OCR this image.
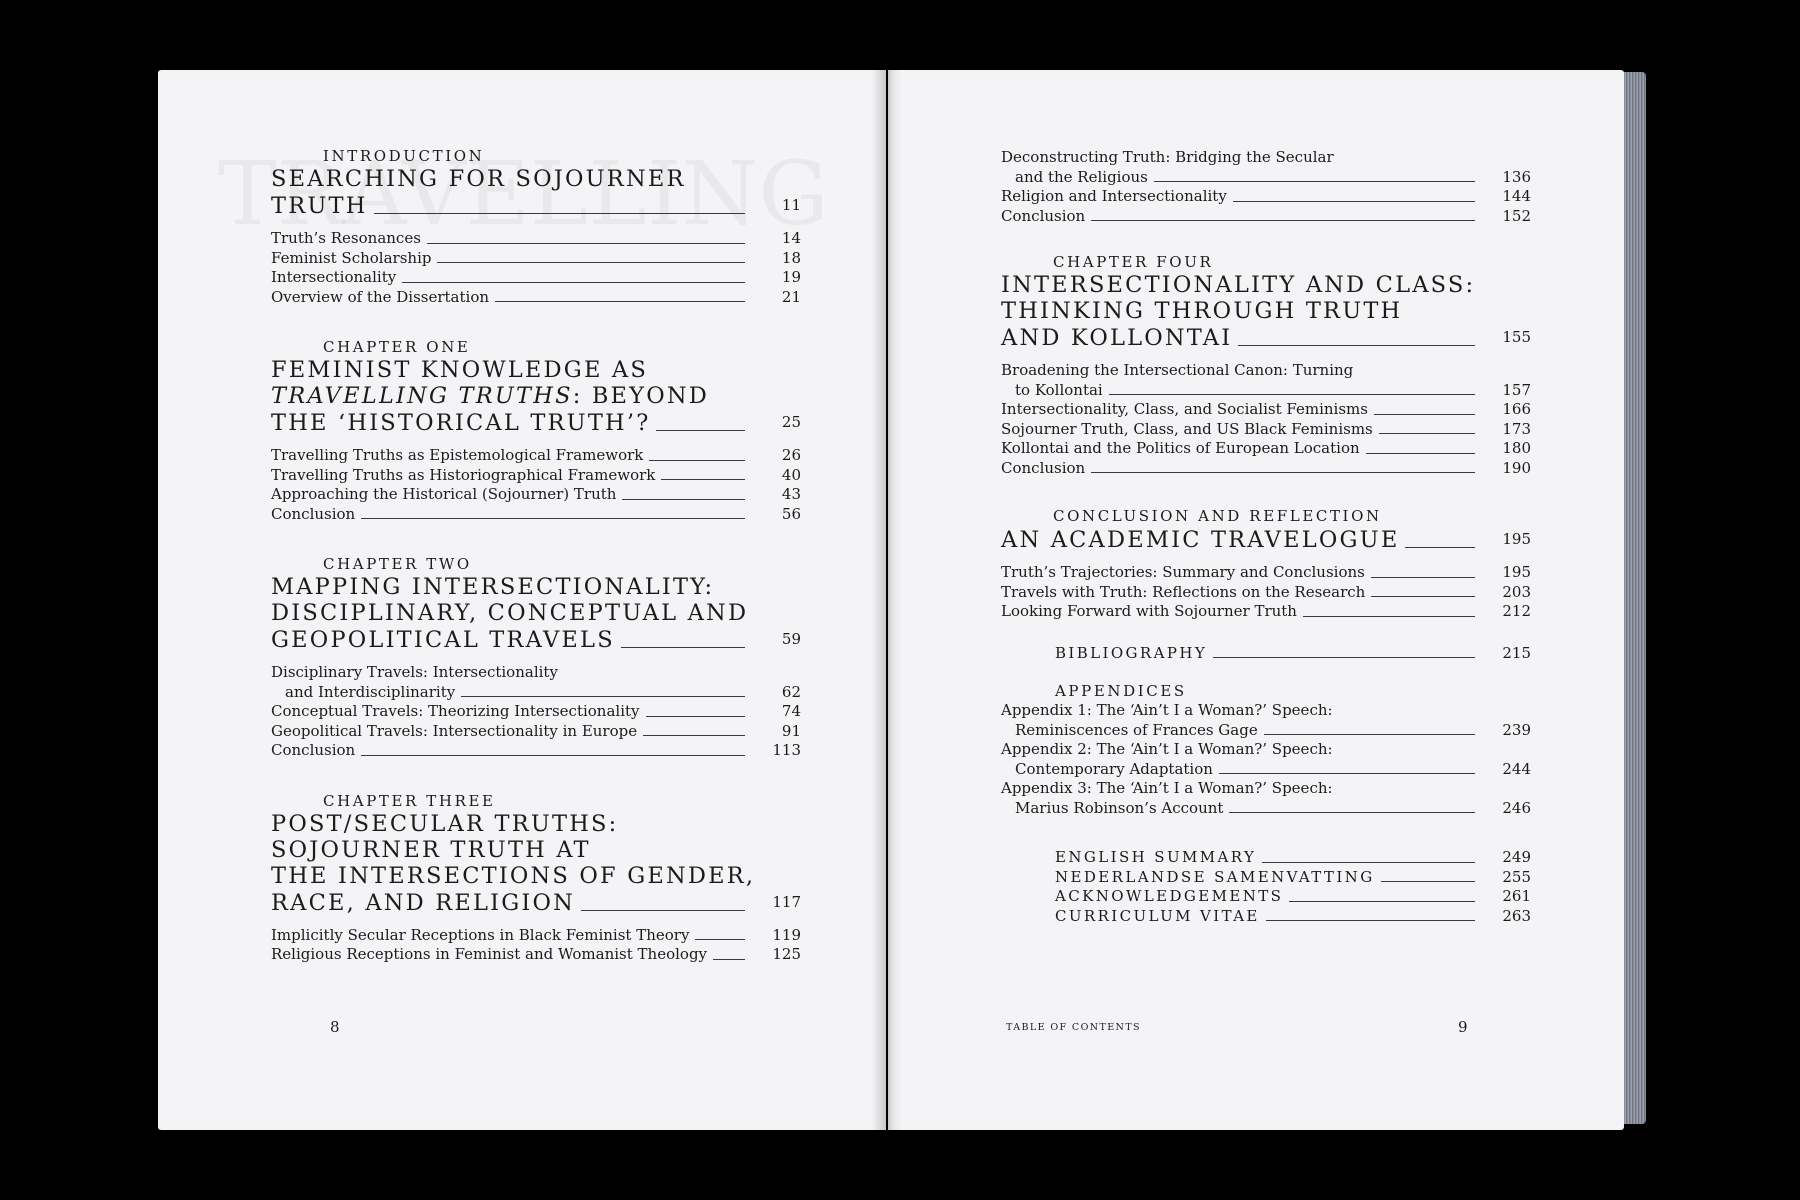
INTRODUCTION
SEARCHING FOR SOJOURNER
TRUTH	11
Truth’s Resonances	14
Feminist Scholarship	18
Intersectionality	19
Overview of the Dissertation	21
CHAPTER ONE
FEMINIST KNOWLEDGE AS
TRAVELLING TRUTHS: BEYOND
THE ‘HISTORICAL TRUTH’?	25
Travelling Truths as Epistemological Framework	26
Travelling Truths as Historiographical Framework	40
Approaching the Historical (Sojourner) Truth	43
Conclusion	56
CHAPTER TWO
MAPPING INTERSECTIONALITY:
DISCIPLINARY, CONCEPTUAL AND
GEOPOLITICAL TRAVELS	59
Disciplinary Travels: Intersectionality
and Interdisciplinarity	62
Conceptual Travels: Theorizing Intersectionality	74
Geopolitical Travels: Intersectionality in Europe	91
Conclusion	113
CHAPTER THREE
POST/SECULAR TRUTHS:
SOJOURNER TRUTH AT
THE INTERSECTIONS OF GENDER,
RACE, AND RELIGION	117
Implicitly Secular Receptions in Black Feminist Theory	119
Religious Receptions in Feminist and Womanist Theology	125
8
Deconstructing Truth: Bridging the Secular
and the Religious	136
Religion and Intersectionality	144
Conclusion	152
CHAPTER FOUR
INTERSECTIONALITY AND CLASS:
THINKING THROUGH TRUTH
AND KOLLONTAI	155
Broadening the Intersectional Canon: Turning
to Kollontai	157
Intersectionality, Class, and Socialist Feminisms	166
Sojourner Truth, Class, and US Black Feminisms	173
Kollontai and the Politics of European Location	180
Conclusion	190
CONCLUSION AND REFLECTION
AN ACADEMIC TRAVELOGUE	195
Truth’s Trajectories: Summary and Conclusions	195
Travels with Truth: Reflections on the Research	203
Looking Forward with Sojourner Truth	212
BIBLIOGRAPHY	215
APPENDICES
Appendix 1: The ‘Ain’t I a Woman?’ Speech:
Reminiscences of Frances Gage	239
Appendix 2: The ‘Ain’t I a Woman?’ Speech:
Contemporary Adaptation	244
Appendix 3: The ‘Ain’t I a Woman?’ Speech:
Marius Robinson’s Account	246
ENGLISH SUMMARY	249
NEDERLANDSE SAMENVATTING	255
ACKNOWLEDGEMENTS	261
CURRICULUM VITAE	263
TABLE OF CONTENTS	9
